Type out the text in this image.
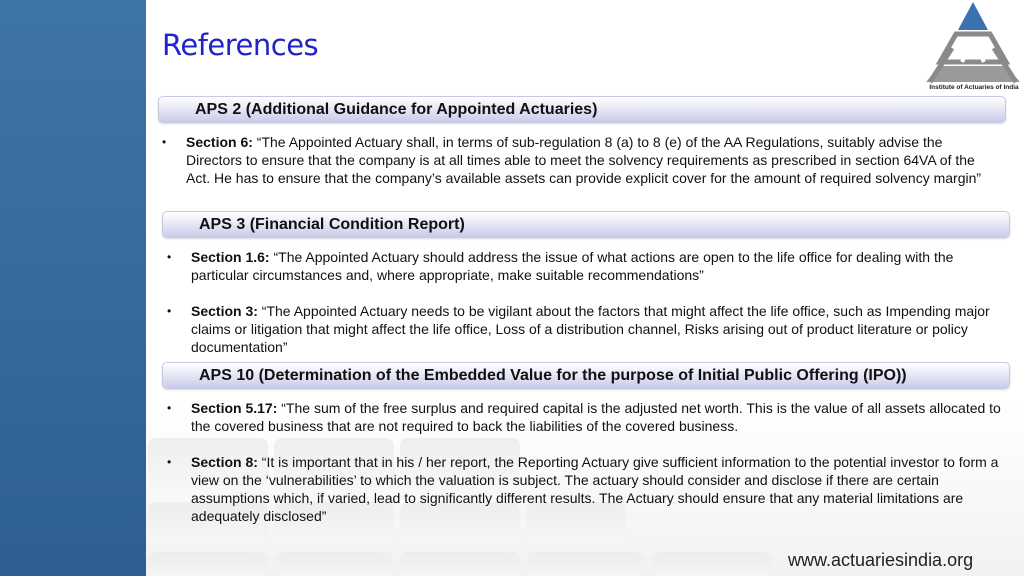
References
Institute of Actuaries of India
APS 2 (Additional Guidance for Appointed Actuaries)
• Section 6: “The Appointed Actuary shall, in terms of sub-regulation 8 (a) to 8 (e) of the AA Regulations, suitably advise the Directors to ensure that the company is at all times able to meet the solvency requirements as prescribed in section 64VA of the Act. He has to ensure that the company’s available assets can provide explicit cover for the amount of required solvency margin”
APS 3 (Financial Condition Report)
• Section 1.6: “The Appointed Actuary should address the issue of what actions are open to the life office for dealing with the particular circumstances and, where appropriate, make suitable recommendations”
• Section 3: “The Appointed Actuary needs to be vigilant about the factors that might affect the life office, such as Impending major claims or litigation that might affect the life office, Loss of a distribution channel, Risks arising out of product literature or policy documentation”
APS 10 (Determination of the Embedded Value for the purpose of Initial Public Offering (IPO))
• Section 5.17: “The sum of the free surplus and required capital is the adjusted net worth. This is the value of all assets allocated to the covered business that are not required to back the liabilities of the covered business.
• Section 8: “It is important that in his / her report, the Reporting Actuary give sufficient information to the potential investor to form a view on the ‘vulnerabilities’ to which the valuation is subject. The actuary should consider and disclose if there are certain assumptions which, if varied, lead to significantly different results. The Actuary should ensure that any material limitations are adequately disclosed”
www.actuariesindia.org
